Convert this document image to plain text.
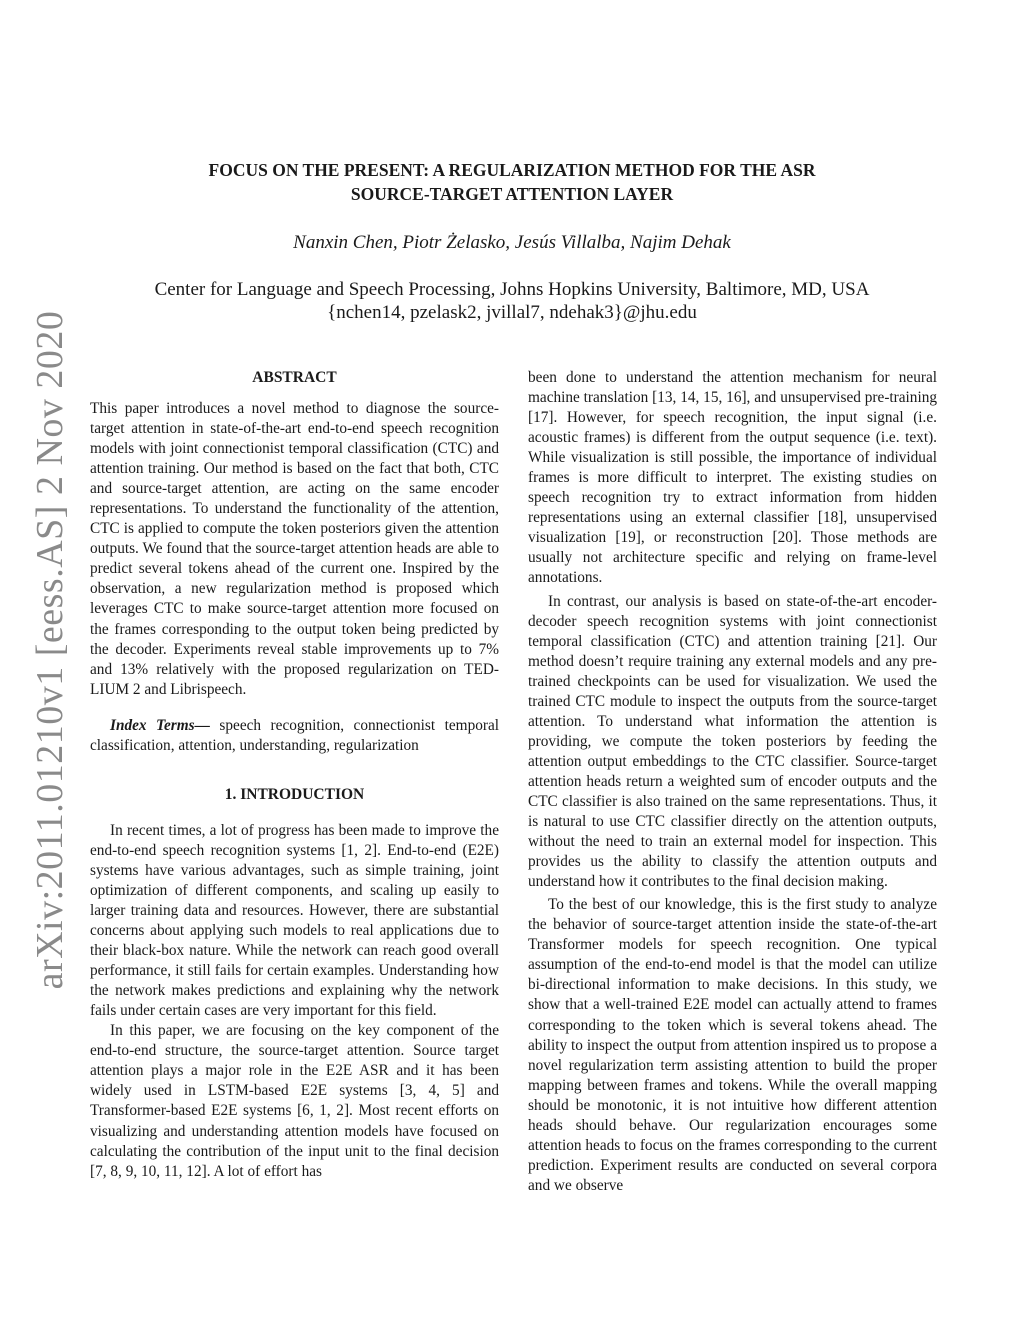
arXiv:2011.01210v1 [eess.AS] 2 Nov 2020
FOCUS ON THE PRESENT: A REGULARIZATION METHOD FOR THE ASR
SOURCE-TARGET ATTENTION LAYER
Nanxin Chen, Piotr Żelasko, Jesús Villalba, Najim Dehak
Center for Language and Speech Processing, Johns Hopkins University, Baltimore, MD, USA
{nchen14, pzelask2, jvillal7, ndehak3}@jhu.edu
ABSTRACT

This paper introduces a novel method to diagnose the source-target attention in state-of-the-art end-to-end speech recognition models with joint connectionist temporal classification (CTC) and attention training. Our method is based on the fact that both, CTC and source-target attention, are acting on the same encoder representations. To understand the functionality of the attention, CTC is applied to compute the token posteriors given the attention outputs. We found that the source-target attention heads are able to predict several tokens ahead of the current one. Inspired by the observation, a new regularization method is proposed which leverages CTC to make source-target attention more focused on the frames corresponding to the output token being predicted by the decoder. Experiments reveal stable improvements up to 7% and 13% relatively with the proposed regularization on TED-LIUM 2 and Librispeech.

Index Terms— speech recognition, connectionist temporal classification, attention, understanding, regularization

1. INTRODUCTION

In recent times, a lot of progress has been made to improve the end-to-end speech recognition systems [1, 2]. End-to-end (E2E) systems have various advantages, such as simple training, joint optimization of different components, and scaling up easily to larger training data and resources. However, there are substantial concerns about applying such models to real applications due to their black-box nature. While the network can reach good overall performance, it still fails for certain examples. Understanding how the network makes predictions and explaining why the network fails under certain cases are very important for this field.

In this paper, we are focusing on the key component of the end-to-end structure, the source-target attention. Source target attention plays a major role in the E2E ASR and it has been widely used in LSTM-based E2E systems [3, 4, 5] and Transformer-based E2E systems [6, 1, 2]. Most recent efforts on visualizing and understanding attention models have focused on calculating the contribution of the input unit to the final decision [7, 8, 9, 10, 11, 12]. A lot of effort has

been done to understand the attention mechanism for neural machine translation [13, 14, 15, 16], and unsupervised pre-training [17]. However, for speech recognition, the input signal (i.e. acoustic frames) is different from the output sequence (i.e. text). While visualization is still possible, the importance of individual frames is more difficult to interpret. The existing studies on speech recognition try to extract information from hidden representations using an external classifier [18], unsupervised visualization [19], or reconstruction [20]. Those methods are usually not architecture specific and relying on frame-level annotations.

In contrast, our analysis is based on state-of-the-art encoder-decoder speech recognition systems with joint connectionist temporal classification (CTC) and attention training [21]. Our method doesn’t require training any external models and any pre-trained checkpoints can be used for visualization. We used the trained CTC module to inspect the outputs from the source-target attention. To understand what information the attention is providing, we compute the token posteriors by feeding the attention output embeddings to the CTC classifier. Source-target attention heads return a weighted sum of encoder outputs and the CTC classifier is also trained on the same representations. Thus, it is natural to use CTC classifier directly on the attention outputs, without the need to train an external model for inspection. This provides us the ability to classify the attention outputs and understand how it contributes to the final decision making.

To the best of our knowledge, this is the first study to analyze the behavior of source-target attention inside the state-of-the-art Transformer models for speech recognition. One typical assumption of the end-to-end model is that the model can utilize bi-directional information to make decisions. In this study, we show that a well-trained E2E model can actually attend to frames corresponding to the token which is several tokens ahead. The ability to inspect the output from attention inspired us to propose a novel regularization term assisting attention to build the proper mapping between frames and tokens. While the overall mapping should be monotonic, it is not intuitive how different attention heads should behave. Our regularization encourages some attention heads to focus on the frames corresponding to the current prediction. Experiment results are conducted on several corpora and we observe
